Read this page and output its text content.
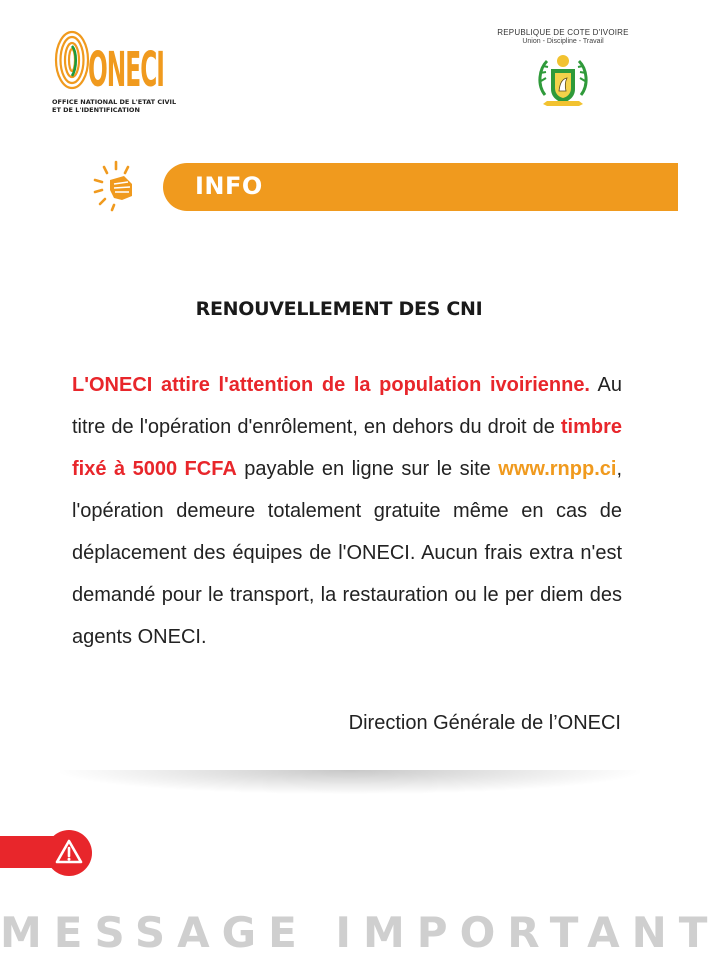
ONECI
OFFICE NATIONAL DE L'ETAT CIVIL
ET DE L'IDENTIFICATION
REPUBLIQUE DE COTE D'IVOIRE
Union - Discipline - Travail
INFO
RENOUVELLEMENT DES CNI
L'ONECI attire l'attention de la population ivoirienne. Au titre de l'opération d'enrôlement, en dehors du droit de timbre fixé à 5000 FCFA payable en ligne sur le site www.rnpp.ci, l'opération demeure totalement gratuite même en cas de déplacement des équipes de l'ONECI. Aucun frais extra n'est demandé pour le transport, la restauration ou le per diem des agents ONECI.
Direction Générale de l’ONECI
MESSAGE IMPORTANT
